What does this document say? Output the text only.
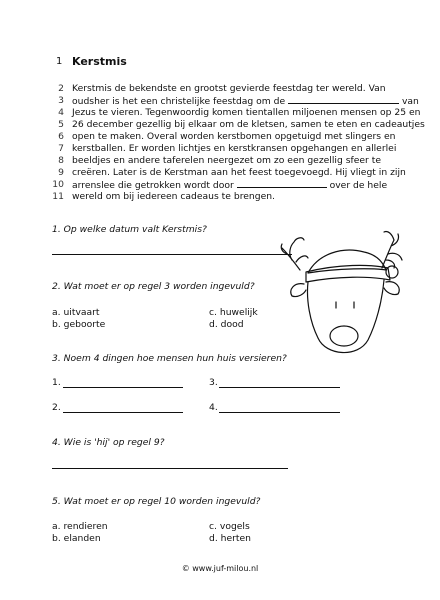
1 Kerstmis
2 Kerstmis de bekendste en grootst gevierde feestdag ter wereld. Van
3 oudsher is het een christelijke feestdag om de	van
4 Jezus te vieren. Tegenwoordig komen tientallen miljoenen mensen op 25 en
5 26 december gezellig bij elkaar om de kletsen, samen te eten en cadeautjes
6 open te maken. Overal worden kerstbomen opgetuigd met slingers en
7 kerstballen. Er worden lichtjes en kerstkransen opgehangen en allerlei
8 beeldjes en andere taferelen neergezet om zo een gezellig sfeer te
9 creëren. Later is de Kerstman aan het feest toegevoegd. Hij vliegt in zijn
10 arrenslee die getrokken wordt door	over de hele
11 wereld om bij iedereen cadeaus te brengen.
1. Op welke datum valt Kerstmis?
2. Wat moet er op regel 3 worden ingevuld?
a. uitvaart	c. huwelijk
b. geboorte	d. dood
3. Noem 4 dingen hoe mensen hun huis versieren?
1.	3.
2.	4.
4. Wie is 'hij' op regel 9?
5. Wat moet er op regel 10 worden ingevuld?
a. rendieren	c. vogels
b. elanden	d. herten
© www.juf-milou.nl
